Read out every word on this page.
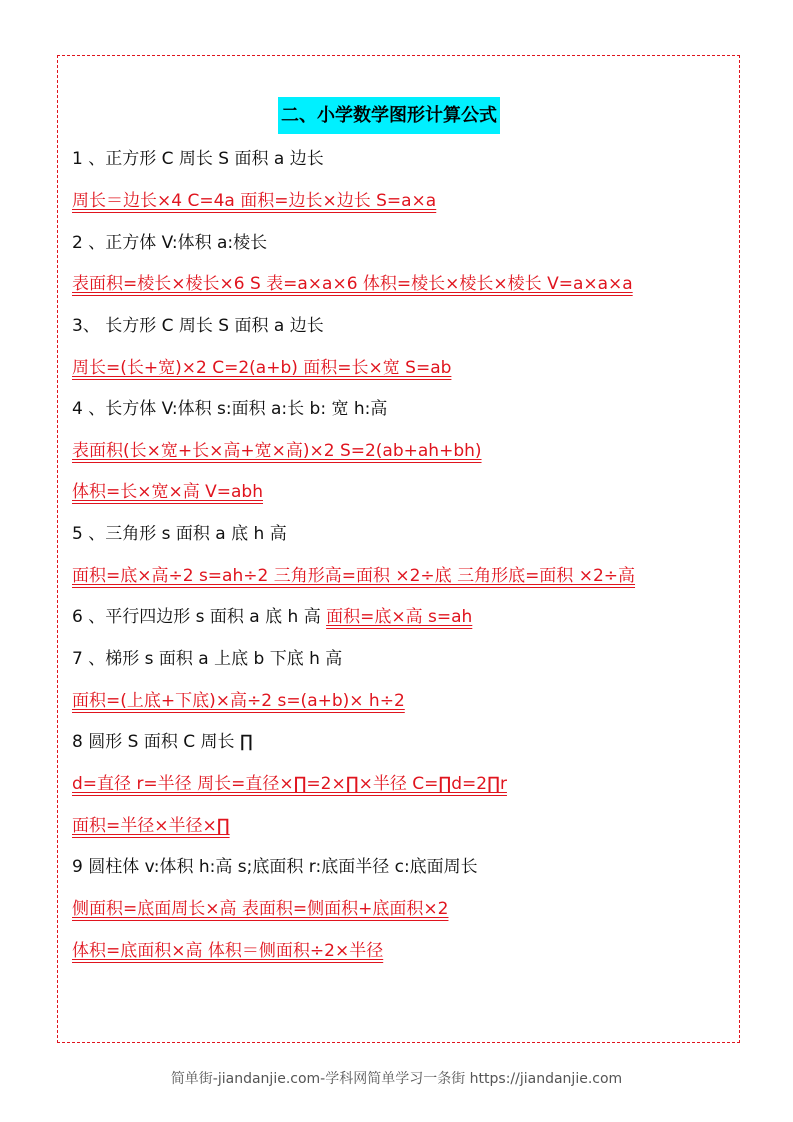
二、小学数学图形计算公式
1 、正方形 C 周长 S 面积 a 边长
周长＝边长×4 C=4a 面积=边长×边长 S=a×a
2 、正方体 V:体积 a:棱长
表面积=棱长×棱长×6 S 表=a×a×6 体积=棱长×棱长×棱长 V=a×a×a
3、 长方形 C 周长 S 面积 a 边长
周长=(长+宽)×2 C=2(a+b) 面积=长×宽 S=ab
4 、长方体 V:体积 s:面积 a:长 b: 宽 h:高
表面积(长×宽+长×高+宽×高)×2 S=2(ab+ah+bh)
体积=长×宽×高 V=abh
5 、三角形 s 面积 a 底 h 高
面积=底×高÷2 s=ah÷2 三角形高=面积 ×2÷底 三角形底=面积 ×2÷高
6 、平行四边形 s 面积 a 底 h 高 面积=底×高 s=ah
7 、梯形 s 面积 a 上底 b 下底 h 高
面积=(上底+下底)×高÷2 s=(a+b)× h÷2
8 圆形 S 面积 C 周长 ∏
d=直径 r=半径 周长=直径×∏=2×∏×半径 C=∏d=2∏r
面积=半径×半径×∏
9 圆柱体 v:体积 h:高 s;底面积 r:底面半径 c:底面周长
侧面积=底面周长×高 表面积=侧面积+底面积×2
体积=底面积×高 体积＝侧面积÷2×半径
简单街-jiandanjie.com-学科网简单学习一条街 https://jiandanjie.com
